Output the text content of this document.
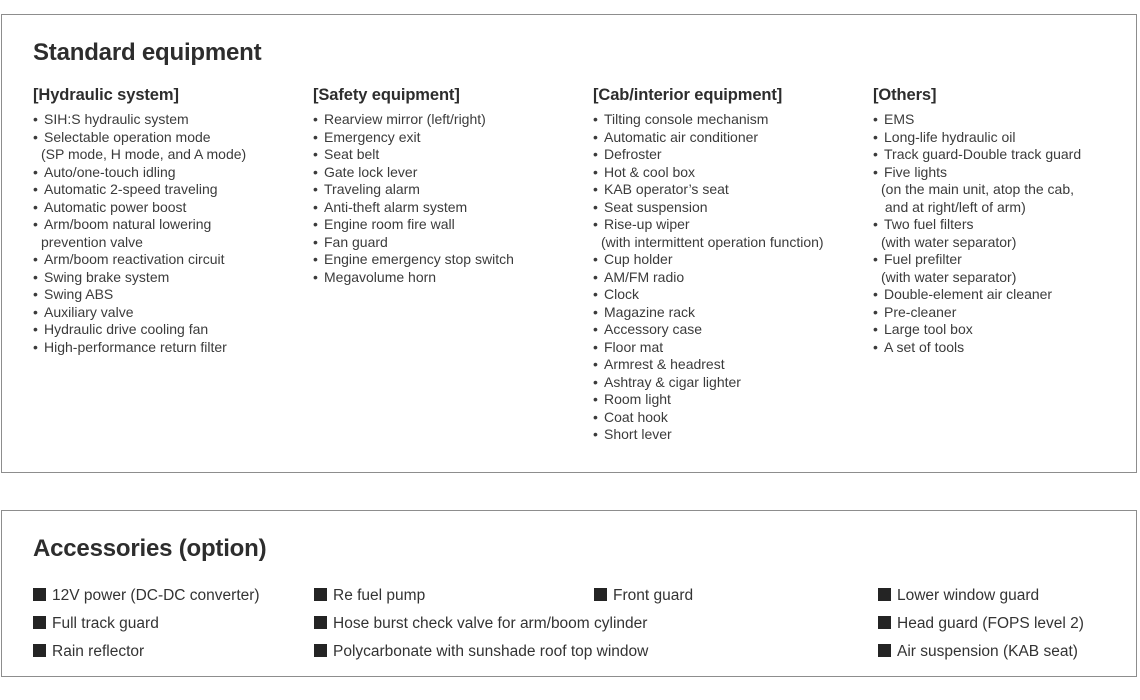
Standard equipment
[Hydraulic system]
• SIH:S hydraulic system
• Selectable operation mode
(SP mode, H mode, and A mode)
• Auto/one-touch idling
• Automatic 2-speed traveling
• Automatic power boost
• Arm/boom natural lowering
prevention valve
• Arm/boom reactivation circuit
• Swing brake system
• Swing ABS
• Auxiliary valve
• Hydraulic drive cooling fan
• High-performance return filter
[Safety equipment]
• Rearview mirror (left/right)
• Emergency exit
• Seat belt
• Gate lock lever
• Traveling alarm
• Anti-theft alarm system
• Engine room fire wall
• Fan guard
• Engine emergency stop switch
• Megavolume horn
[Cab/interior equipment]
• Tilting console mechanism
• Automatic air conditioner
• Defroster
• Hot & cool box
• KAB operator’s seat
• Seat suspension
• Rise-up wiper
(with intermittent operation function)
• Cup holder
• AM/FM radio
• Clock
• Magazine rack
• Accessory case
• Floor mat
• Armrest & headrest
• Ashtray & cigar lighter
• Room light
• Coat hook
• Short lever
[Others]
• EMS
• Long-life hydraulic oil
• Track guard-Double track guard
• Five lights
(on the main unit, atop the cab,
and at right/left of arm)
• Two fuel filters
(with water separator)
• Fuel prefilter
(with water separator)
• Double-element air cleaner
• Pre-cleaner
• Large tool box
• A set of tools
Accessories (option)
12V power (DC-DC converter)
Full track guard
Rain reflector
Re fuel pump
Hose burst check valve for arm/boom cylinder
Polycarbonate with sunshade roof top window
Front guard	Lower window guard
Head guard (FOPS level 2)
Air suspension (KAB seat)
